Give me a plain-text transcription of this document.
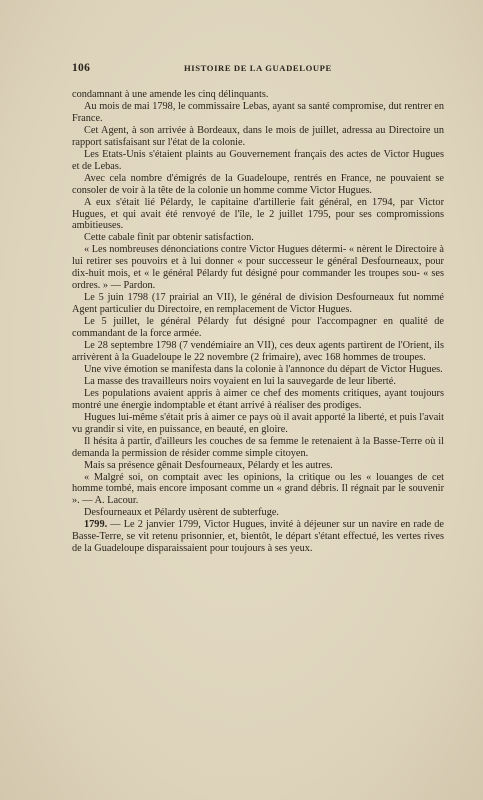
106	HISTOIRE DE LA GUADELOUPE

condamnant à une amende les cinq délinquants.

Au mois de mai 1798, le commissaire Lebas, ayant sa santé compromise, dut rentrer en France.

Cet Agent, à son arrivée à Bordeaux, dans le mois de juillet, adressa au Directoire un rapport satisfaisant sur l'état de la colonie.

Les Etats-Unis s'étaient plaints au Gouvernement français des actes de Victor Hugues et de Lebas.

Avec cela nombre d'émigrés de la Guadeloupe, rentrés en France, ne pouvaient se consoler de voir à la tête de la colonie un homme comme Victor Hugues.

A eux s'était lié Pélardy, le capitaine d'artillerie fait général, en 1794, par Victor Hugues, et qui avait été renvoyé de l'île, le 2 juillet 1795, pour ses compromissions ambitieuses.

Cette cabale finit par obtenir satisfaction.

« Les nombreuses dénonciations contre Victor Hugues détermi- « nèrent le Directoire à lui retirer ses pouvoirs et à lui donner « pour successeur le général Desfourneaux, pour dix-huit mois, et « le général Pélardy fut désigné pour commander les troupes sou- « ses ordres. » — Pardon.

Le 5 juin 1798 (17 prairial an VII), le général de division Desfourneaux fut nommé Agent particulier du Directoire, en remplacement de Victor Hugues.

Le 5 juillet, le général Pélardy fut désigné pour l'accompagner en qualité de commandant de la force armée.

Le 28 septembre 1798 (7 vendémiaire an VII), ces deux agents partirent de l'Orient, ils arrivèrent à la Guadeloupe le 22 novembre (2 frimaire), avec 168 hommes de troupes.

Une vive émotion se manifesta dans la colonie à l'annonce du départ de Victor Hugues.

La masse des travailleurs noirs voyaient en lui la sauvegarde de leur liberté.

Les populations avaient appris à aimer ce chef des moments critiques, ayant toujours montré une énergie indomptable et étant arrivé à réaliser des prodiges.

Hugues lui-même s'était pris à aimer ce pays où il avait apporté la liberté, et puis l'avait vu grandir si vite, en puissance, en beauté, en gloire.

Il hésita à partir, d'ailleurs les couches de sa femme le retenaient à la Basse-Terre où il demanda la permission de résider comme simple citoyen.

Mais sa présence gênait Desfourneaux, Pélardy et les autres.

« Malgré soi, on comptait avec les opinions, la critique ou les « louanges de cet homme tombé, mais encore imposant comme un « grand débris. Il régnait par le souvenir ». — A. Lacour.

Desfourneaux et Pélardy usèrent de subterfuge.

1799. — Le 2 janvier 1799, Victor Hugues, invité à déjeuner sur un navire en rade de Basse-Terre, se vit retenu prisonnier, et, bientôt, le départ s'étant effectué, les vertes rives de la Guadeloupe disparaissaient pour toujours à ses yeux.
